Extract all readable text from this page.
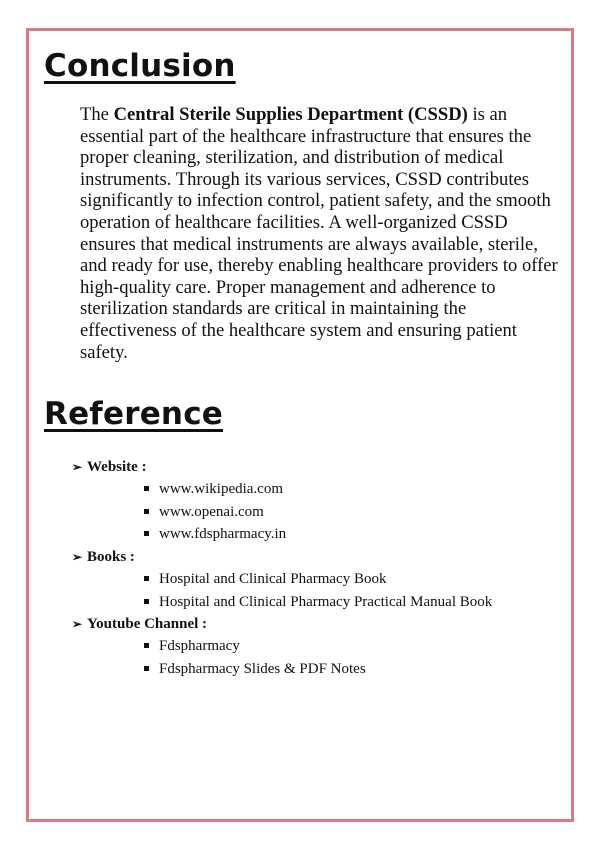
Conclusion

The Central Sterile Supplies Department (CSSD) is an essential part of the healthcare infrastructure that ensures the proper cleaning, sterilization, and distribution of medical instruments. Through its various services, CSSD contributes significantly to infection control, patient safety, and the smooth operation of healthcare facilities. A well-organized CSSD ensures that medical instruments are always available, sterile, and ready for use, thereby enabling healthcare providers to offer high-quality care. Proper management and adherence to sterilization standards are critical in maintaining the effectiveness of the healthcare system and ensuring patient safety.

Reference
➢ Website :
www.wikipedia.com
www.openai.com
www.fdspharmacy.in
➢ Books :
Hospital and Clinical Pharmacy Book
Hospital and Clinical Pharmacy Practical Manual Book
➢ Youtube Channel :
Fdspharmacy
Fdspharmacy Slides & PDF Notes
